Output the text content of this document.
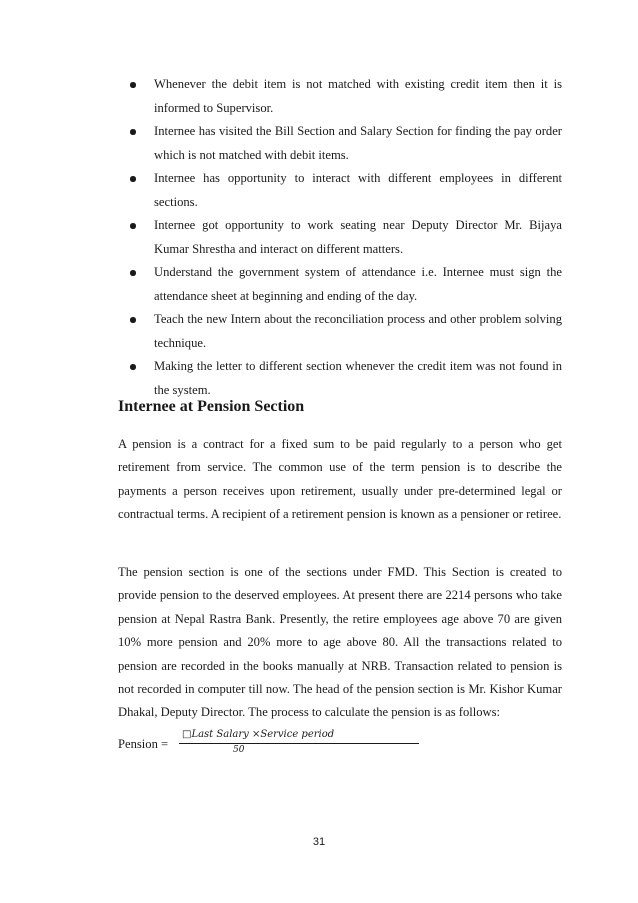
Whenever the debit item is not matched with existing credit item then it is informed to Supervisor.
Internee has visited the Bill Section and Salary Section for finding the pay order which is not matched with debit items.
Internee has opportunity to interact with different employees in different sections.
Internee got opportunity to work seating near Deputy Director Mr. Bijaya Kumar Shrestha and interact on different matters.
Understand the government system of attendance i.e. Internee must sign the attendance sheet at beginning and ending of the day.
Teach the new Intern about the reconciliation process and other problem solving technique.
Making the letter to different section whenever the credit item was not found in the system.
Internee at Pension Section

A pension is a contract for a fixed sum to be paid regularly to a person who get retirement from service. The common use of the term pension is to describe the payments a person receives upon retirement, usually under pre-determined legal or contractual terms. A recipient of a retirement pension is known as a pensioner or retiree.

The pension section is one of the sections under FMD. This Section is created to provide pension to the deserved employees. At present there are 2214 persons who take pension at Nepal Rastra Bank. Presently, the retire employees age above 70 are given 10% more pension and 20% more to age above 80. All the transactions related to pension are recorded in the books manually at NRB. Transaction related to pension is not recorded in computer till now. The head of the pension section is Mr. Kishor Kumar Dhakal, Deputy Director. The process to calculate the pension is as follows:

Pension =
□Last Salary ×Service period
50
31
